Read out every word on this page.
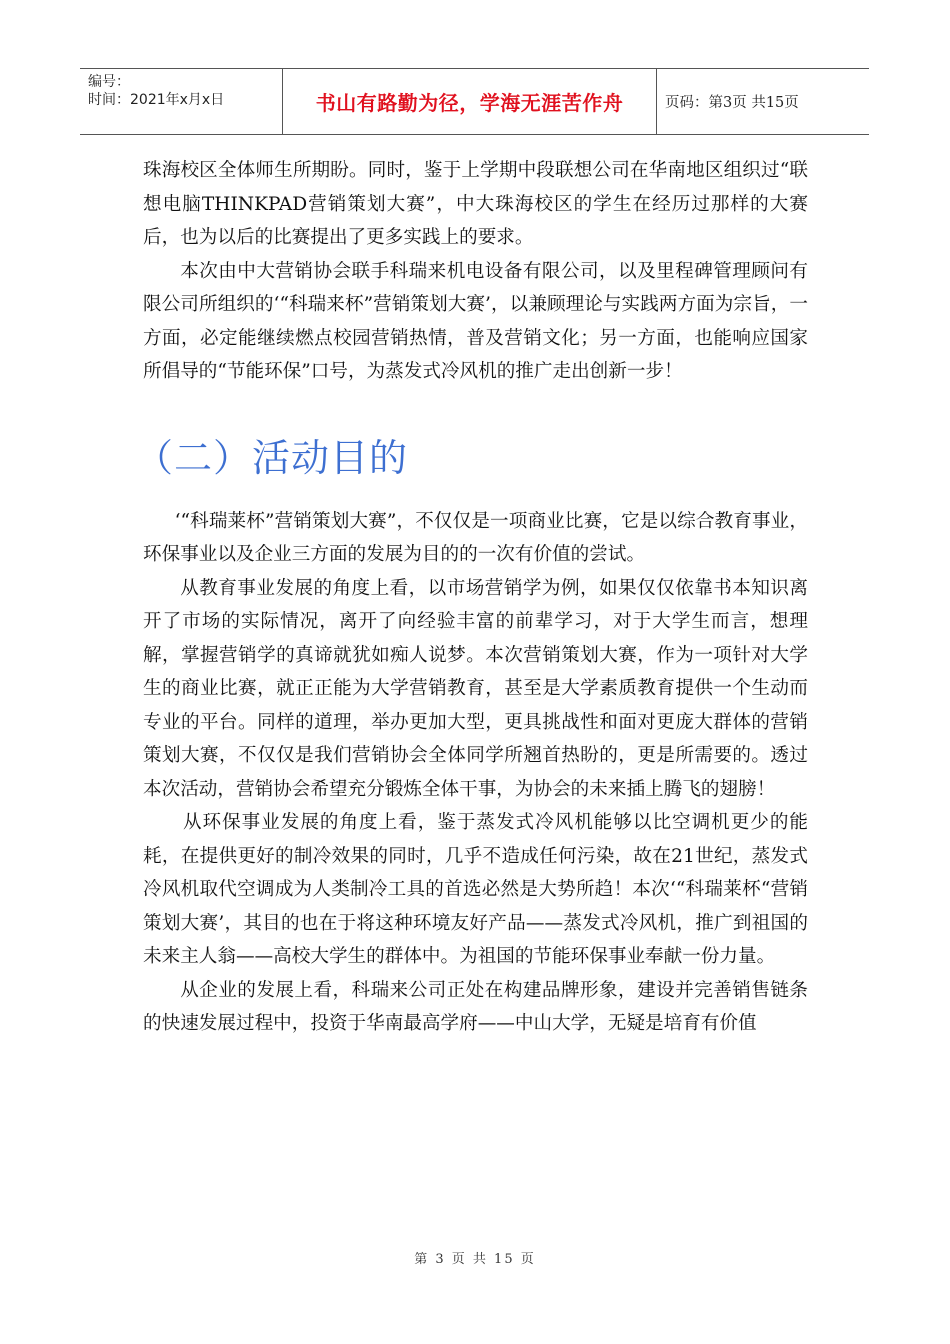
编号：
时间：2021年x月x日	书山有路勤为径，学海无涯苦作舟	页码：第3页 共15页

珠海校区全体师生所期盼。同时，鉴于上学期中段联想公司在华南地区组织过“联想电脑THINKPAD营销策划大赛”，中大珠海校区的学生在经历过那样的大赛后，也为以后的比赛提出了更多实践上的要求。

本次由中大营销协会联手科瑞来机电设备有限公司，以及里程碑管理顾问有限公司所组织的‘“科瑞来杯”营销策划大赛’，以兼顾理论与实践两方面为宗旨，一方面，必定能继续燃点校园营销热情，普及营销文化；另一方面，也能响应国家所倡导的“节能环保”口号，为蒸发式冷风机的推广走出创新一步！

（二）活动目的

‘“科瑞莱杯”营销策划大赛”，不仅仅是一项商业比赛，它是以综合教育事业，环保事业以及企业三方面的发展为目的的一次有价值的尝试。

从教育事业发展的角度上看，以市场营销学为例，如果仅仅依靠书本知识离开了市场的实际情况，离开了向经验丰富的前辈学习，对于大学生而言，想理解，掌握营销学的真谛就犹如痴人说梦。本次营销策划大赛，作为一项针对大学生的商业比赛，就正正能为大学营销教育，甚至是大学素质教育提供一个生动而专业的平台。同样的道理，举办更加大型，更具挑战性和面对更庞大群体的营销策划大赛，不仅仅是我们营销协会全体同学所翘首热盼的，更是所需要的。透过本次活动，营销协会希望充分锻炼全体干事，为协会的未来插上腾飞的翅膀！

从环保事业发展的角度上看，鉴于蒸发式冷风机能够以比空调机更少的能耗，在提供更好的制冷效果的同时，几乎不造成任何污染，故在21世纪，蒸发式冷风机取代空调成为人类制冷工具的首选必然是大势所趋！本次‘“科瑞莱杯“营销策划大赛’，其目的也在于将这种环境友好产品——蒸发式冷风机，推广到祖国的未来主人翁——高校大学生的群体中。为祖国的节能环保事业奉献一份力量。

从企业的发展上看，科瑞来公司正处在构建品牌形象，建设并完善销售链条的快速发展过程中，投资于华南最高学府——中山大学，无疑是培育有价值

第 3 页 共 15 页
